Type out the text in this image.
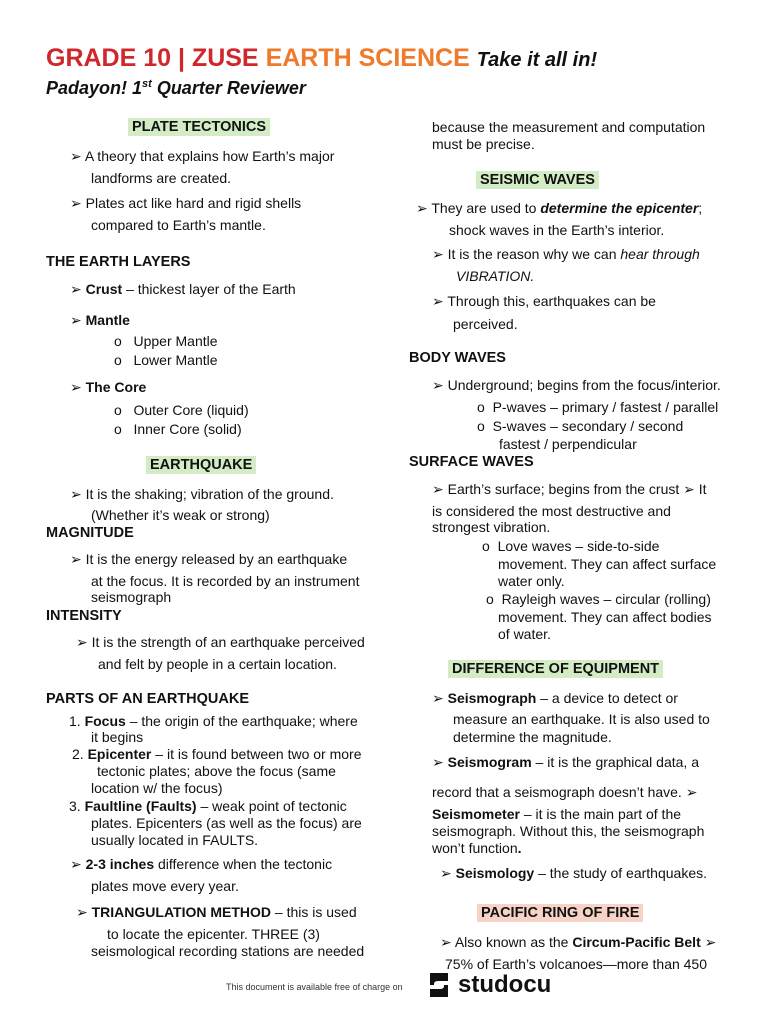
GRADE 10 | ZUSE EARTH SCIENCE Take it all in!
Padayon! 1st Quarter Reviewer
PLATE TECTONICS
➢ A theory that explains how Earth’s major
landforms are created.
➢ Plates act like hard and rigid shells
compared to Earth’s mantle.
THE EARTH LAYERS
➢ Crust – thickest layer of the Earth
➢ Mantle
o   Upper Mantle
o   Lower Mantle
➢ The Core
o   Outer Core (liquid)
o   Inner Core (solid)
EARTHQUAKE
➢ It is the shaking; vibration of the ground.
(Whether it’s weak or strong)
MAGNITUDE
➢ It is the energy released by an earthquake
at the focus. It is recorded by an instrument
seismograph
INTENSITY
➢ It is the strength of an earthquake perceived
and felt by people in a certain location.
PARTS OF AN EARTHQUAKE
1. Focus – the origin of the earthquake; where
it begins
2. Epicenter – it is found between two or more
tectonic plates; above the focus (same
location w/ the focus)
3. Faultline (Faults) – weak point of tectonic
plates. Epicenters (as well as the focus) are
usually located in FAULTS.
➢ 2-3 inches difference when the tectonic
plates move every year.
➢ TRIANGULATION METHOD – this is used
to locate the epicenter. THREE (3)
seismological recording stations are needed
because the measurement and computation
must be precise.
SEISMIC WAVES
➢ They are used to determine the epicenter;
shock waves in the Earth’s interior.
➢ It is the reason why we can hear through
VIBRATION.
➢ Through this, earthquakes can be
perceived.
BODY WAVES
➢ Underground; begins from the focus/interior.
o  P-waves – primary / fastest / parallel
o  S-waves – secondary / second
fastest / perpendicular
SURFACE WAVES
➢ Earth’s surface; begins from the crust ➢ It
is considered the most destructive and
strongest vibration.
o  Love waves – side-to-side
movement. They can affect surface
water only.
o  Rayleigh waves – circular (rolling)
movement. They can affect bodies
of water.
DIFFERENCE OF EQUIPMENT
➢ Seismograph – a device to detect or
measure an earthquake. It is also used to
determine the magnitude.
➢ Seismogram – it is the graphical data, a
record that a seismograph doesn’t have. ➢
Seismometer – it is the main part of the
seismograph. Without this, the seismograph
won’t function.
➢ Seismology – the study of earthquakes.
PACIFIC RING OF FIRE
➢ Also known as the Circum-Pacific Belt ➢
75% of Earth’s volcanoes—more than 450
This document is available free of charge on studocu
